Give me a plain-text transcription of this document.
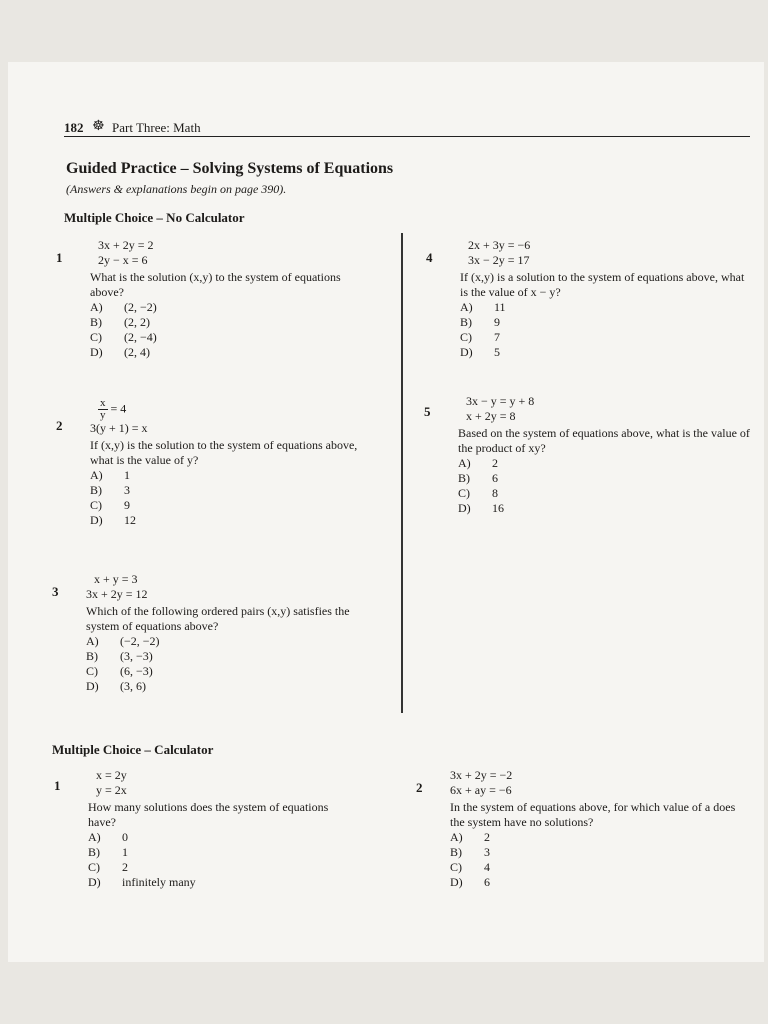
182 ☸ Part Three: Math
Guided Practice – Solving Systems of Equations
(Answers & explanations begin on page 390).
Multiple Choice – No Calculator
1
3x + 2y = 2
2y − x = 6
What is the solution (x,y) to the system of equations above?
A)	(2, −2)
B)	(2, 2)
C)	(2, −4)
D)	(2, 4)
2
$\frac{x}{y} = 4$
3(y + 1) = x
If (x,y) is the solution to the system of equations above, what is the value of y?
A)	1
B)	3
C)	9
D)	12
3
x + y = 3
3x + 2y = 12
Which of the following ordered pairs (x,y) satisfies the system of equations above?
A)	(−2, −2)
B)	(3, −3)
C)	(6, −3)
D)	(3, 6)
4
2x + 3y = −6
3x − 2y = 17
If (x,y) is a solution to the system of equations above, what is the value of x − y?
A)	11
B)	9
C)	7
D)	5
5
3x − y = y + 8
x + 2y = 8
Based on the system of equations above, what is the value of the product of xy?
A)	2
B)	6
C)	8
D)	16
Multiple Choice – Calculator
1
x = 2y
y = 2x
How many solutions does the system of equations have?
A)	0
B)	1
C)	2
D)	infinitely many
2
3x + 2y = −2
6x + ay = −6
In the system of equations above, for which value of a does the system have no solutions?
A)	2
B)	3
C)	4
D)	6
